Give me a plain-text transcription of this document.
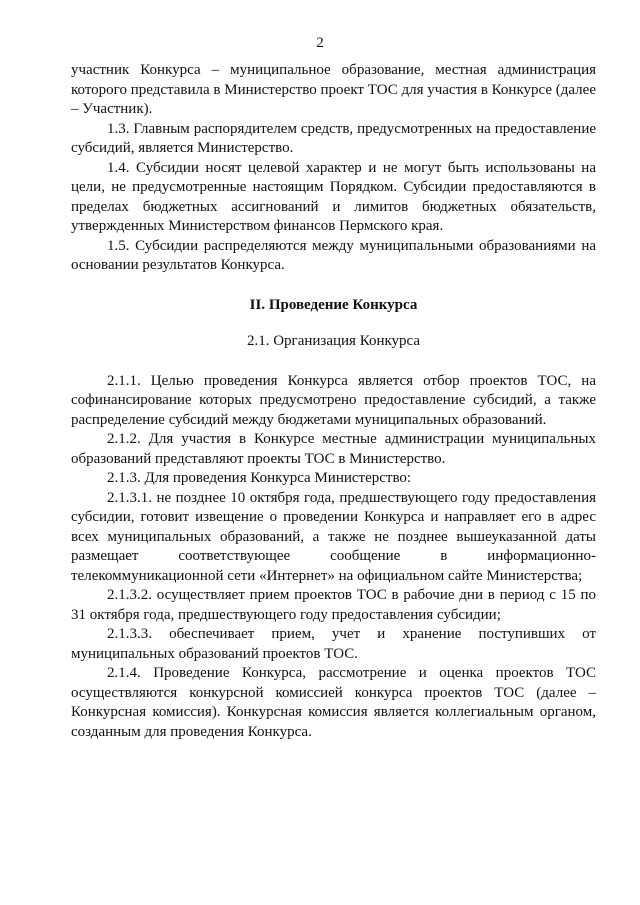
2

участник Конкурса – муниципальное образование, местная администрация которого представила в Министерство проект ТОС для участия в Конкурсе (далее – Участник).

1.3. Главным распорядителем средств, предусмотренных на предоставление субсидий, является Министерство.

1.4. Субсидии носят целевой характер и не могут быть использованы на цели, не предусмотренные настоящим Порядком. Субсидии предоставляются в пределах бюджетных ассигнований и лимитов бюджетных обязательств, утвержденных Министерством финансов Пермского края.

1.5. Субсидии распределяются между муниципальными образованиями на основании результатов Конкурса.

II. Проведение Конкурса

2.1. Организация Конкурса

2.1.1. Целью проведения Конкурса является отбор проектов ТОС, на софинансирование которых предусмотрено предоставление субсидий, а также распределение субсидий между бюджетами муниципальных образований.

2.1.2. Для участия в Конкурсе местные администрации муниципальных образований представляют проекты ТОС в Министерство.

2.1.3. Для проведения Конкурса Министерство:

2.1.3.1. не позднее 10 октября года, предшествующего году предоставления субсидии, готовит извещение о проведении Конкурса и направляет его в адрес всех муниципальных образований, а также не позднее вышеуказанной даты размещает соответствующее сообщение в информационно-телекоммуникационной сети «Интернет» на официальном сайте Министерства;

2.1.3.2. осуществляет прием проектов ТОС в рабочие дни в период с 15 по 31 октября года, предшествующего году предоставления субсидии;

2.1.3.3. обеспечивает прием, учет и хранение поступивших от муниципальных образований проектов ТОС.

2.1.4. Проведение Конкурса, рассмотрение и оценка проектов ТОС осуществляются конкурсной комиссией конкурса проектов ТОС (далее – Конкурсная комиссия). Конкурсная комиссия является коллегиальным органом, созданным для проведения Конкурса.
